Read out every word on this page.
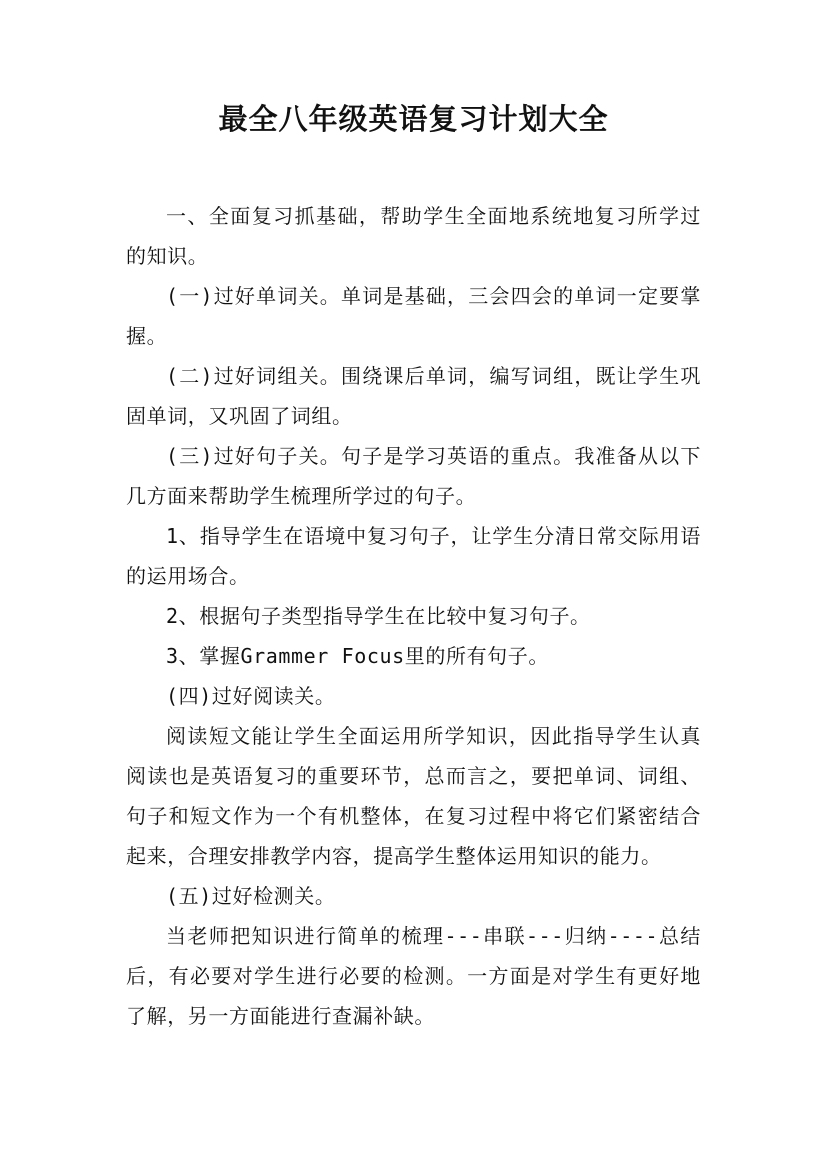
最全八年级英语复习计划大全

一、全面复习抓基础，帮助学生全面地系统地复习所学过的知识。

(一)过好单词关。单词是基础，三会四会的单词一定要掌握。

(二)过好词组关。围绕课后单词，编写词组，既让学生巩固单词，又巩固了词组。

(三)过好句子关。句子是学习英语的重点。我准备从以下几方面来帮助学生梳理所学过的句子。

1、指导学生在语境中复习句子，让学生分清日常交际用语的运用场合。

2、根据句子类型指导学生在比较中复习句子。

3、掌握Grammer Focus里的所有句子。

(四)过好阅读关。

阅读短文能让学生全面运用所学知识，因此指导学生认真阅读也是英语复习的重要环节，总而言之，要把单词、词组、句子和短文作为一个有机整体，在复习过程中将它们紧密结合起来，合理安排教学内容，提高学生整体运用知识的能力。

(五)过好检测关。

当老师把知识进行简单的梳理---串联---归纳----总结后，有必要对学生进行必要的检测。一方面是对学生有更好地了解，另一方面能进行查漏补缺。
